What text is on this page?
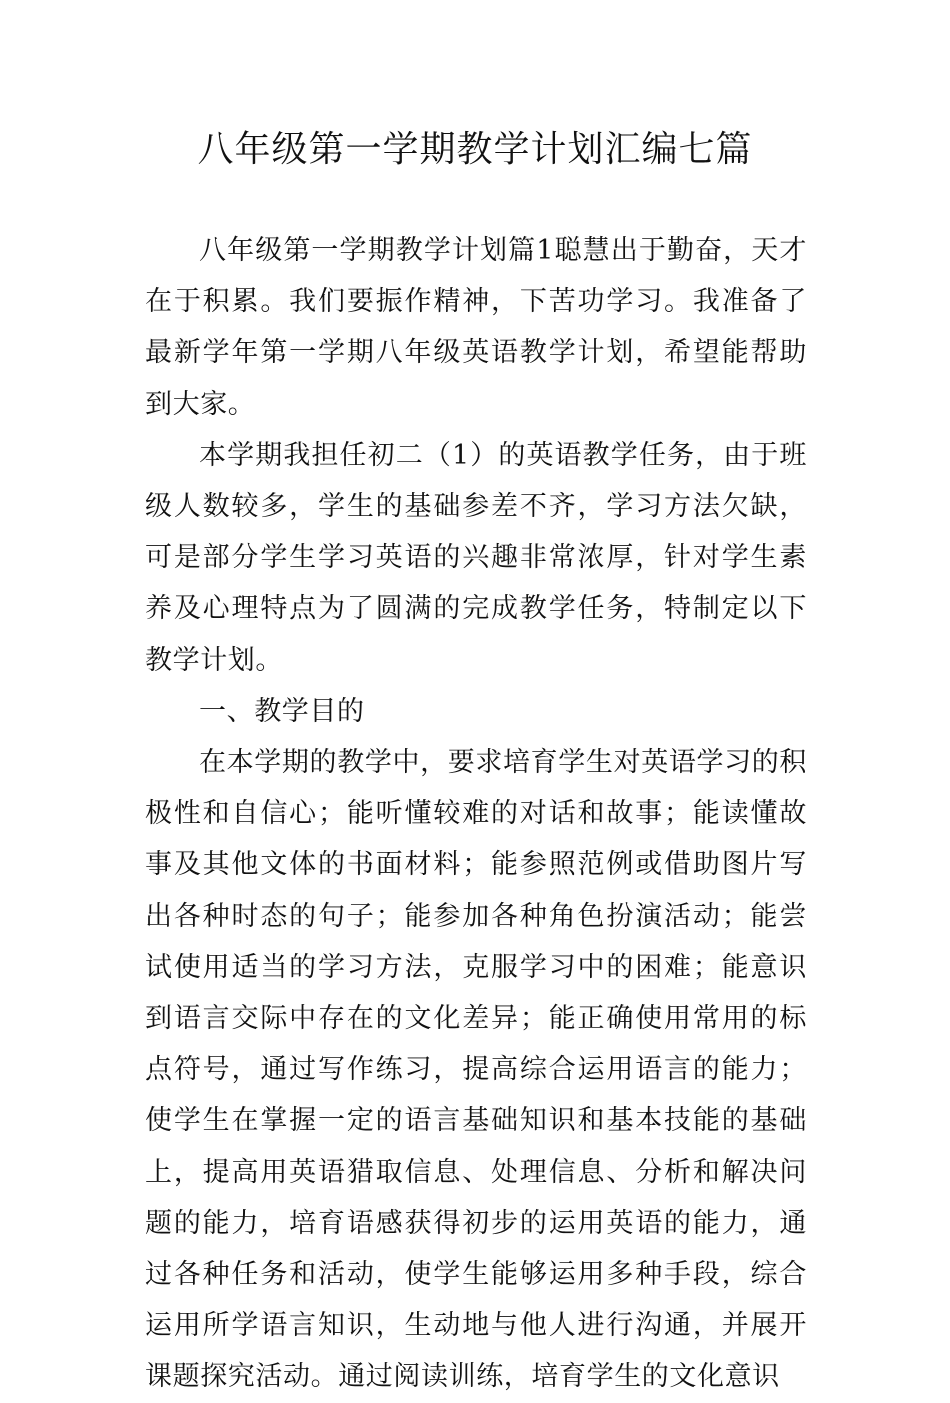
八年级第一学期教学计划汇编七篇

八年级第一学期教学计划篇1聪慧出于勤奋，天才在于积累。我们要振作精神，下苦功学习。我准备了最新学年第一学期八年级英语教学计划，希望能帮助到大家。

本学期我担任初二（1）的英语教学任务，由于班级人数较多，学生的基础参差不齐，学习方法欠缺，可是部分学生学习英语的兴趣非常浓厚，针对学生素养及心理特点为了圆满的完成教学任务，特制定以下教学计划。

一、教学目的

在本学期的教学中，要求培育学生对英语学习的积极性和自信心；能听懂较难的对话和故事；能读懂故事及其他文体的书面材料；能参照范例或借助图片写出各种时态的句子；能参加各种角色扮演活动；能尝试使用适当的学习方法，克服学习中的困难；能意识到语言交际中存在的文化差异；能正确使用常用的标点符号，通过写作练习，提高综合运用语言的能力；使学生在掌握一定的语言基础知识和基本技能的基础上，提高用英语猎取信息、处理信息、分析和解决问题的能力，培育语感获得初步的运用英语的能力，通过各种任务和活动，使学生能够运用多种手段，综合运用所学语言知识，生动地与他人进行沟通，并展开课题探究活动。通过阅读训练，培育学生的文化意识
